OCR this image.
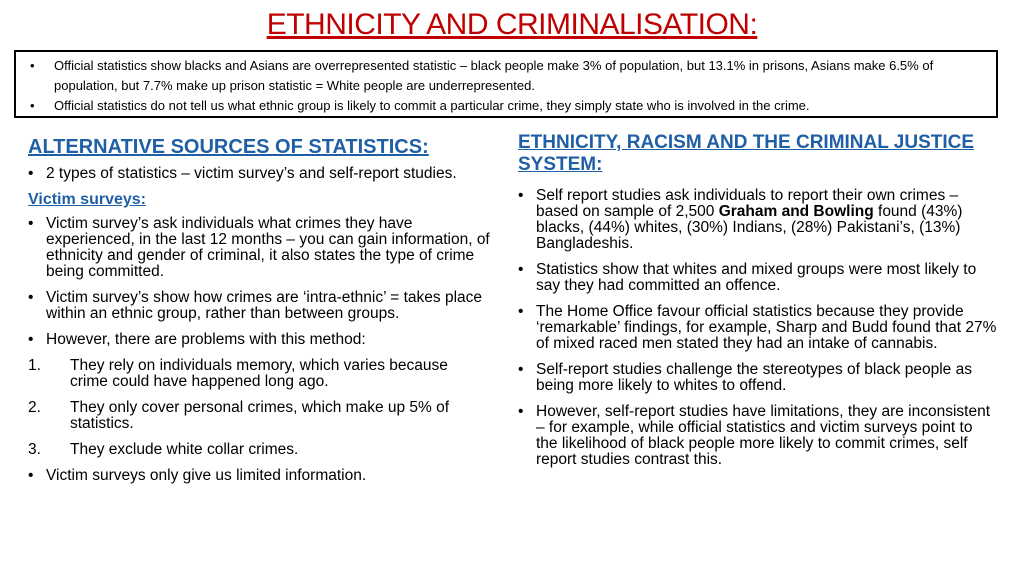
ETHNICITY AND CRIMINALISATION:
• Official statistics show blacks and Asians are overrepresented statistic – black people make 3% of population, but 13.1% in prisons, Asians make 6.5% of population, but 7.7% make up prison statistic = White people are underrepresented.
• Official statistics do not tell us what ethnic group is likely to commit a particular crime, they simply state who is involved in the crime.
ALTERNATIVE SOURCES OF STATISTICS:
• 2 types of statistics – victim survey’s and self-report studies.
Victim surveys:
• Victim survey’s ask individuals what crimes they have experienced, in the last 12 months – you can gain information, of ethnicity and gender of criminal, it also states the type of crime being committed.
• Victim survey’s show how crimes are ‘intra-ethnic’ = takes place within an ethnic group, rather than between groups.
• However, there are problems with this method:
1. They rely on individuals memory, which varies because crime could have happened long ago.
2. They only cover personal crimes, which make up 5% of statistics.
3. They exclude white collar crimes.
• Victim surveys only give us limited information.
ETHNICITY, RACISM AND THE CRIMINAL JUSTICE SYSTEM:
• Self report studies ask individuals to report their own crimes – based on sample of 2,500 Graham and Bowling found (43%) blacks, (44%) whites, (30%) Indians, (28%) Pakistani’s, (13%) Bangladeshis.
• Statistics show that whites and mixed groups were most likely to say they had committed an offence.
• The Home Office favour official statistics because they provide ‘remarkable’ findings, for example, Sharp and Budd found that 27% of mixed raced men stated they had an intake of cannabis.
• Self-report studies challenge the stereotypes of black people as being more likely to whites to offend.
• However, self-report studies have limitations, they are inconsistent – for example, while official statistics and victim surveys point to the likelihood of black people more likely to commit crimes, self report studies contrast this.
